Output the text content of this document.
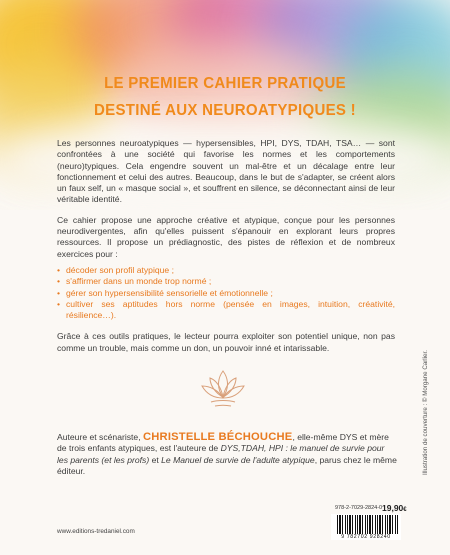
LE PREMIER CAHIER PRATIQUE
DESTINÉ AUX NEUROATYPIQUES !

Les personnes neuroatypiques — hypersensibles, HPI, DYS, TDAH, TSA… — sont confrontées à une société qui favorise les normes et les comportements (neuro)typiques. Cela engendre souvent un mal-être et un décalage entre leur fonctionnement et celui des autres. Beaucoup, dans le but de s'adapter, se créent alors un faux self, un « masque social », et souffrent en silence, se déconnectant ainsi de leur véritable identité.

Ce cahier propose une approche créative et atypique, conçue pour les personnes neurodivergentes, afin qu'elles puissent s'épanouir en explorant leurs propres ressources. Il propose un prédiagnostic, des pistes de réflexion et de nombreux exercices pour :

• décoder son profil atypique ;
• s'affirmer dans un monde trop normé ;
• gérer son hypersensibilité sensorielle et émotionnelle ;
• cultiver ses aptitudes hors norme (pensée en images, intuition, créativité, résilience…).

Grâce à ces outils pratiques, le lecteur pourra exploiter son potentiel unique, non pas comme un trouble, mais comme un don, un pouvoir inné et intarissable.

Auteure et scénariste, CHRISTELLE BÉCHOUCHE, elle-même DYS et mère de trois enfants atypiques, est l'auteure de DYS,TDAH, HPI : le manuel de survie pour les parents (et les profs) et Le Manuel de survie de l'adulte atypique, parus chez le même éditeur.	Illustration de couverture : © Morgane Carlier.
978-2-7029-2824-0 19,90€
9 782702 928240
www.editions-tredaniel.com
